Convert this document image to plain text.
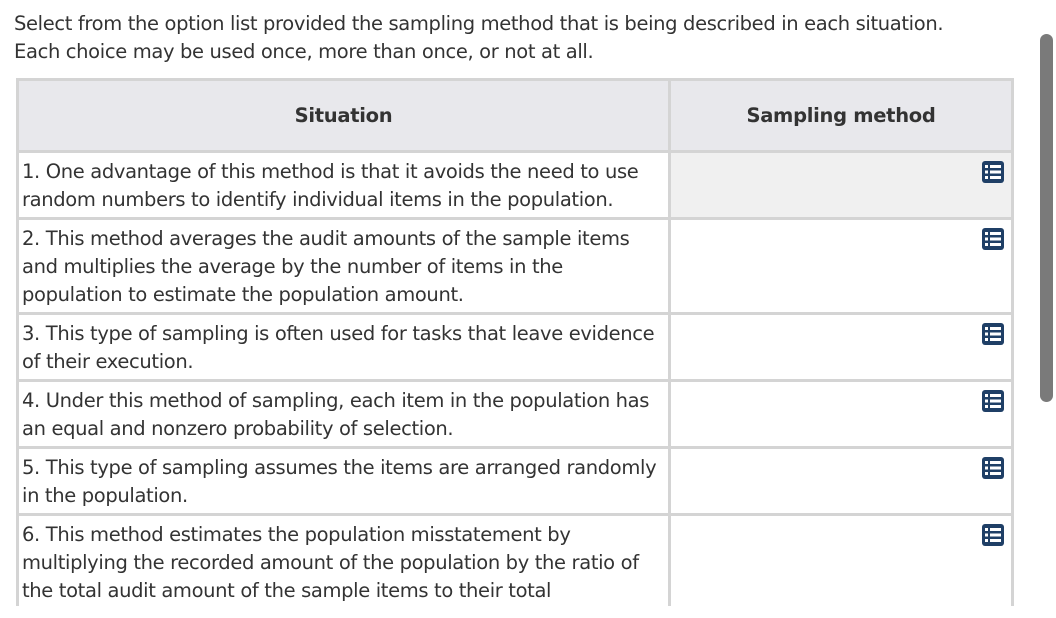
Select from the option list provided the sampling method that is being described in each situation.
Each choice may be used once, more than once, or not at all.
Situation	Sampling method
1. One advantage of this method is that it avoids the need to use random numbers to identify individual items in the population.	

2. This method averages the audit amounts of the sample items and multiplies the average by the number of items in the population to estimate the population amount.	

3. This type of sampling is often used for tasks that leave evidence of their execution.	

4. Under this method of sampling, each item in the population has an equal and nonzero probability of selection.	

5. This type of sampling assumes the items are arranged randomly in the population.	

6. This method estimates the population misstatement by multiplying the recorded amount of the population by the ratio of the total audit amount of the sample items to their total	
